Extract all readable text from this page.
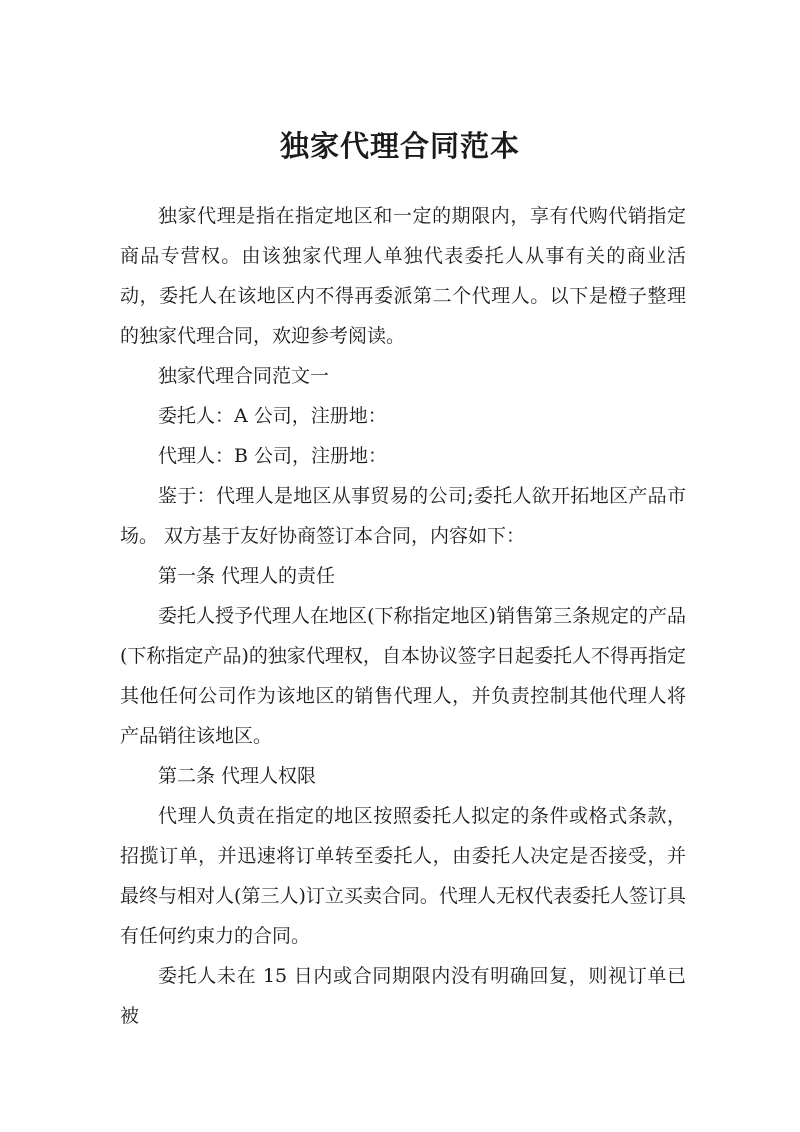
独家代理合同范本

独家代理是指在指定地区和一定的期限内，享有代购代销指定商品专营权。由该独家代理人单独代表委托人从事有关的商业活动，委托人在该地区内不得再委派第二个代理人。以下是橙子整理的独家代理合同，欢迎参考阅读。

独家代理合同范文一

委托人：A 公司，注册地：

代理人：B 公司，注册地：

鉴于：代理人是地区从事贸易的公司;委托人欲开拓地区产品市场。 双方基于友好协商签订本合同，内容如下：

第一条 代理人的责任

委托人授予代理人在地区(下称指定地区)销售第三条规定的产品(下称指定产品)的独家代理权，自本协议签字日起委托人不得再指定其他任何公司作为该地区的销售代理人，并负责控制其他代理人将产品销往该地区。

第二条 代理人权限

代理人负责在指定的地区按照委托人拟定的条件或格式条款，招揽订单，并迅速将订单转至委托人，由委托人决定是否接受，并最终与相对人(第三人)订立买卖合同。代理人无权代表委托人签订具有任何约束力的合同。

委托人未在 15 日内或合同期限内没有明确回复，则视订单已被
